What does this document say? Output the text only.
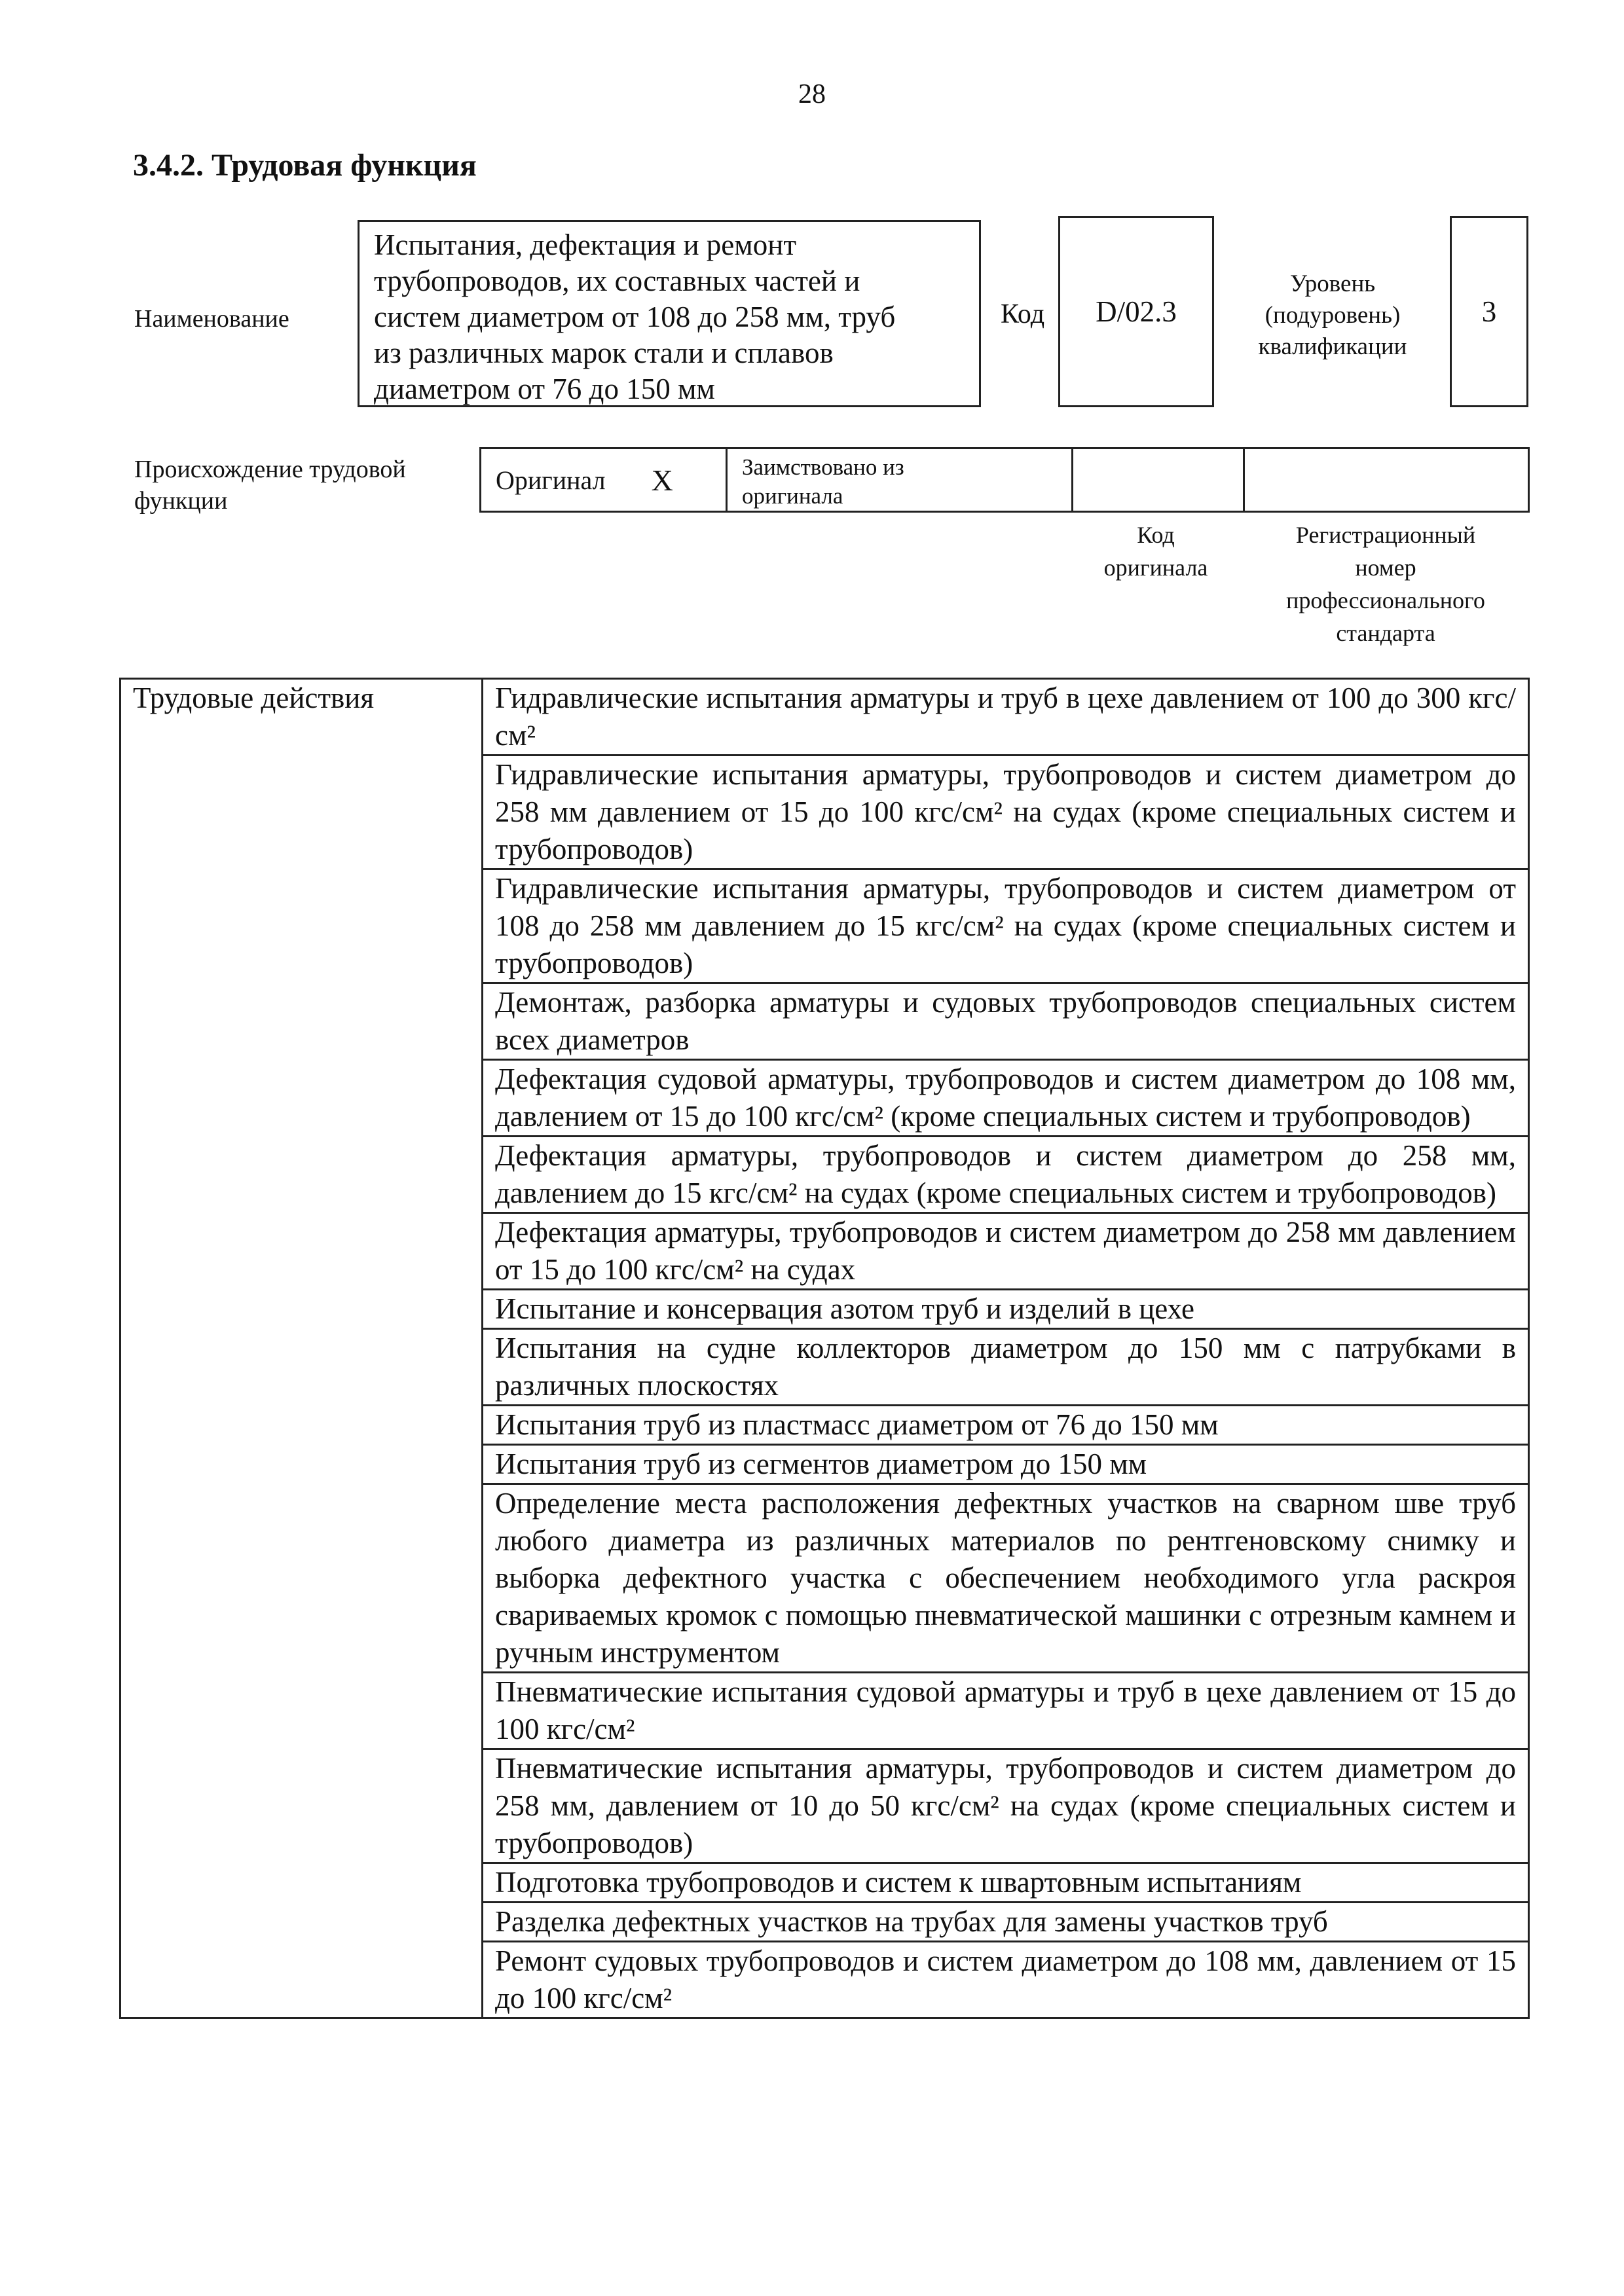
28
3.4.2. Трудовая функция
Наименование
Испытания, дефектация и ремонт
трубопроводов, их составных частей и
систем диаметром от 108 до 258 мм, труб
из различных марок стали и сплавов
диаметром от 76 до 150 мм
Код D/02.3
Уровень
(подуровень)
квалификации
3
Происхождение трудовой
функции
Оригинал X	Заимствовано из
оригинала
Код
оригинала
Регистрационный
номер
профессионального
стандарта
Трудовые действия	Гидравлические испытания арматуры и труб в цехе давлением от 100 до 300 кгс/см²
Гидравлические испытания арматуры, трубопроводов и систем диаметром до 258 мм давлением от 15 до 100 кгс/см² на судах (кроме специальных систем и трубопроводов)
Гидравлические испытания арматуры, трубопроводов и систем диаметром от 108 до 258 мм давлением до 15 кгс/см² на судах (кроме специальных систем и трубопроводов)
Демонтаж, разборка арматуры и судовых трубопроводов специальных систем всех диаметров
Дефектация судовой арматуры, трубопроводов и систем диаметром до 108 мм, давлением от 15 до 100 кгс/см² (кроме специальных систем и трубопроводов)
Дефектация арматуры, трубопроводов и систем диаметром до 258 мм, давлением до 15 кгс/см² на судах (кроме специальных систем и трубопроводов)
Дефектация арматуры, трубопроводов и систем диаметром до 258 мм давлением от 15 до 100 кгс/см² на судах
Испытание и консервация азотом труб и изделий в цехе
Испытания на судне коллекторов диаметром до 150 мм с патрубками в различных плоскостях
Испытания труб из пластмасс диаметром от 76 до 150 мм
Испытания труб из сегментов диаметром до 150 мм
Определение места расположения дефектных участков на сварном шве труб любого диаметра из различных материалов по рентгеновскому снимку и выборка дефектного участка с обеспечением необходимого угла раскроя свариваемых кромок с помощью пневматической машинки с отрезным камнем и ручным инструментом
Пневматические испытания судовой арматуры и труб в цехе давлением от 15 до 100 кгс/см²
Пневматические испытания арматуры, трубопроводов и систем диаметром до 258 мм, давлением от 10 до 50 кгс/см² на судах (кроме специальных систем и трубопроводов)
Подготовка трубопроводов и систем к швартовным испытаниям
Разделка дефектных участков на трубах для замены участков труб
Ремонт судовых трубопроводов и систем диаметром до 108 мм, давлением от 15 до 100 кгс/см²
